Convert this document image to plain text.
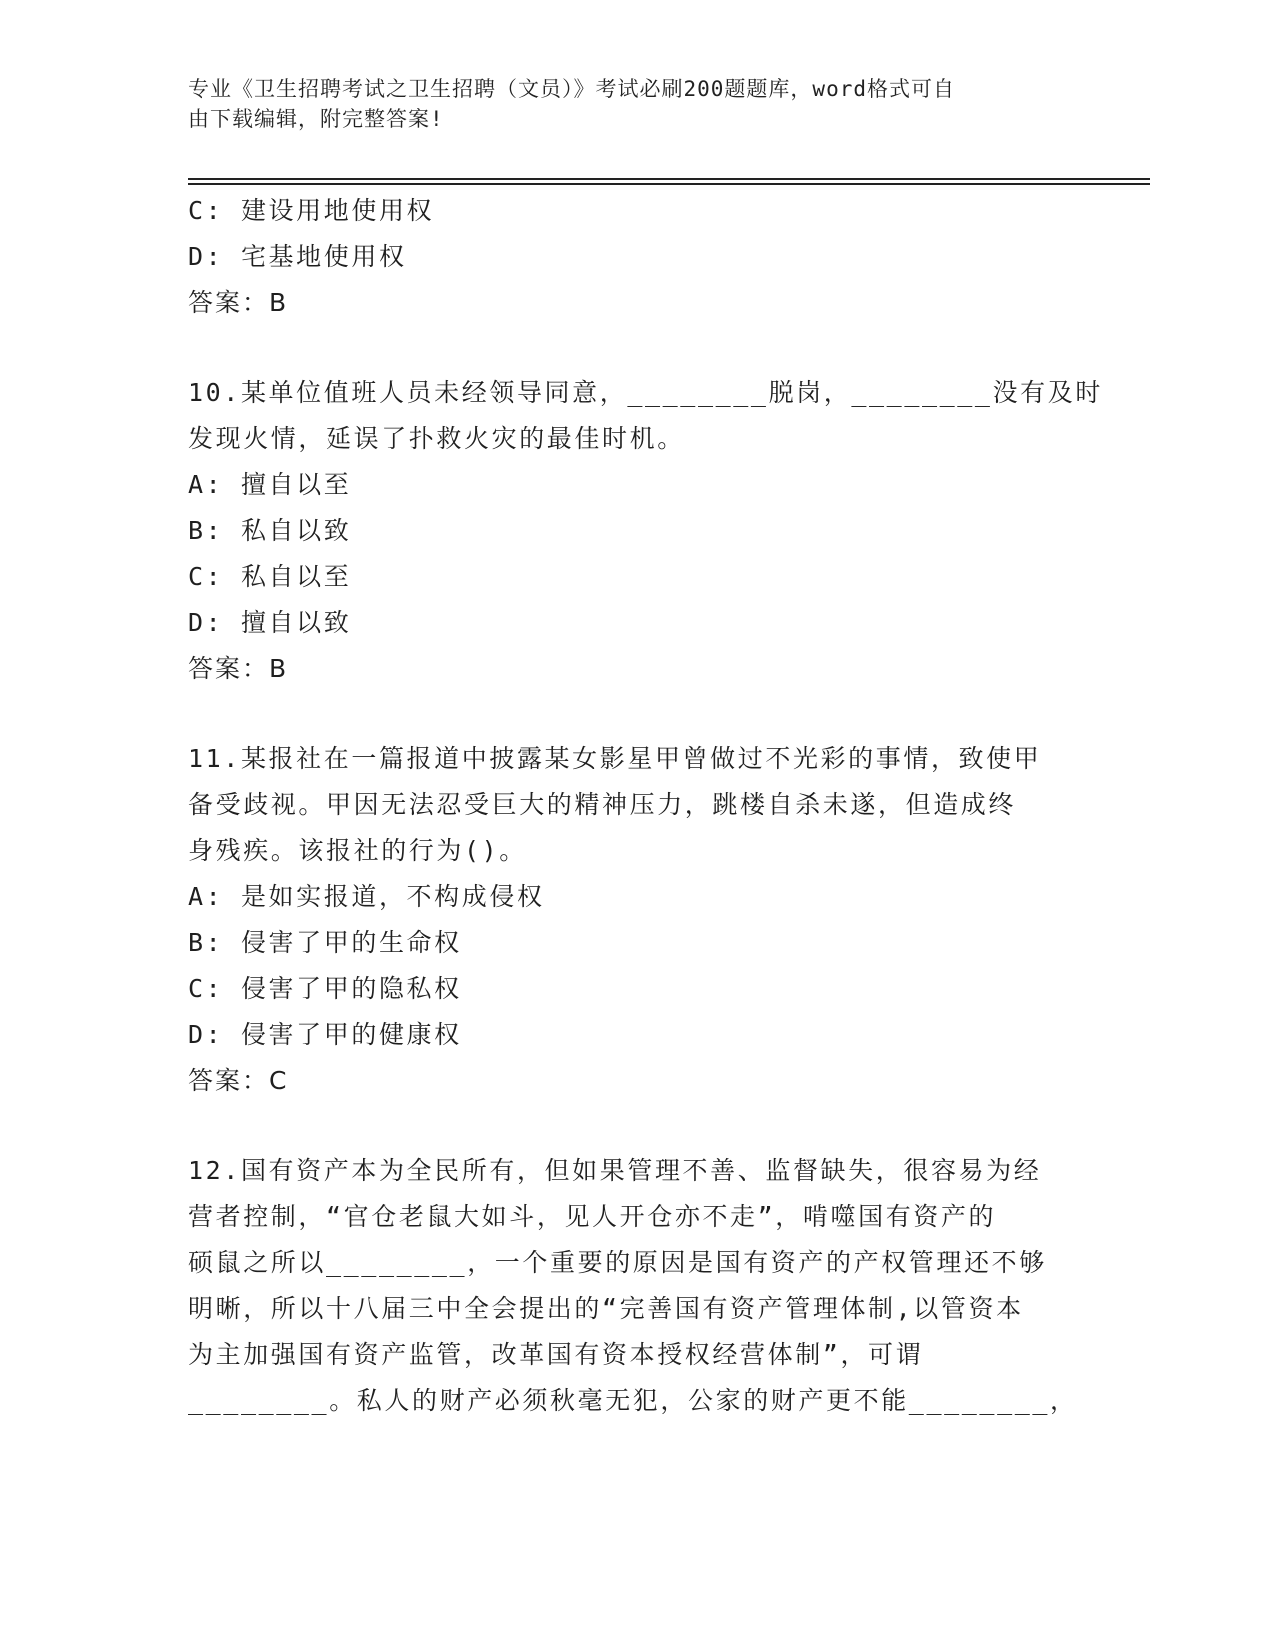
专业《卫生招聘考试之卫生招聘（文员）》考试必刷200题题库，word格式可自
由下载编辑，附完整答案!
C: 建设用地使用权
D: 宅基地使用权
答案：B
10.某单位值班人员未经领导同意，________脱岗，________没有及时
发现火情，延误了扑救火灾的最佳时机。
A: 擅自以至
B: 私自以致
C: 私自以至
D: 擅自以致
答案：B
11.某报社在一篇报道中披露某女影星甲曾做过不光彩的事情，致使甲
备受歧视。甲因无法忍受巨大的精神压力，跳楼自杀未遂，但造成终
身残疾。该报社的行为()。
A: 是如实报道，不构成侵权
B: 侵害了甲的生命权
C: 侵害了甲的隐私权
D: 侵害了甲的健康权
答案：C
12.国有资产本为全民所有，但如果管理不善、监督缺失，很容易为经
营者控制，“官仓老鼠大如斗，见人开仓亦不走”，啃噬国有资产的
硕鼠之所以________，一个重要的原因是国有资产的产权管理还不够
明晰，所以十八届三中全会提出的“完善国有资产管理体制,以管资本
为主加强国有资产监管，改革国有资本授权经营体制”，可谓
________。私人的财产必须秋毫无犯，公家的财产更不能________，
